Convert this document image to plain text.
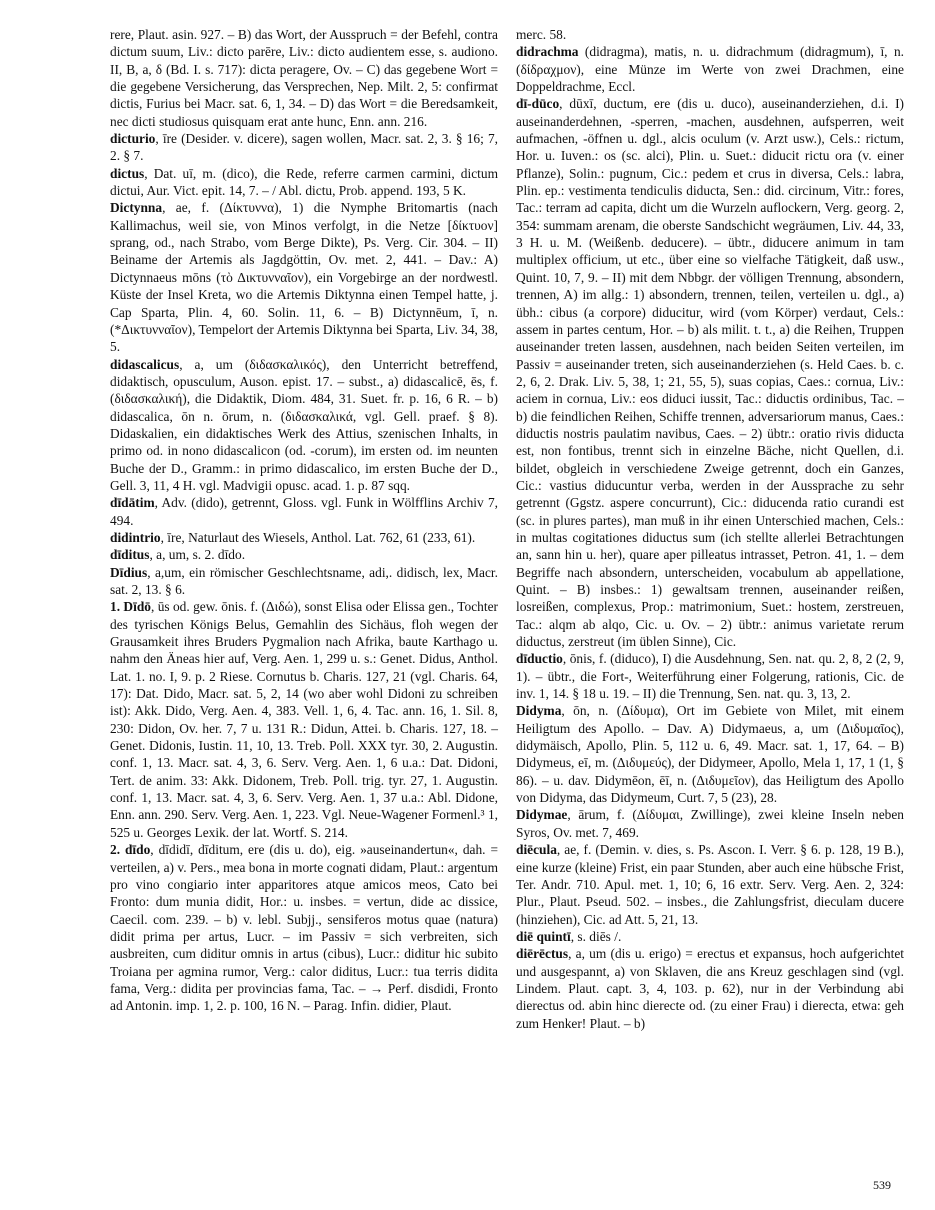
rere, Plaut. asin. 927. – B) das Wort, der Ausspruch = der Befehl, contra dictum suum, Liv.: dicto parēre, Liv.: dicto audientem esse, s. audiono. II, B, a, δ (Bd. I. s. 717): dicta peragere, Ov. – C) das gegebene Wort = die gegebene Versicherung, das Versprechen, Nep. Milt. 2, 5: confirmat dictis, Furius bei Macr. sat. 6, 1, 34. – D) das Wort = die Beredsamkeit, nec dicti studiosus quisquam erat ante hunc, Enn. ann. 216.

dicturio, īre (Desider. v. dicere), sagen wollen, Macr. sat. 2, 3. § 16; 7, 2. § 7.

dictus, Dat. uī, m. (dico), die Rede, referre carmen carmini, dictum dictui, Aur. Vict. epit. 14, 7. – / Abl. dictu, Prob. append. 193, 5 K.

Dictynna, ae, f. (Δίκτυννα), 1) die Nymphe Britomartis (nach Kallimachus, weil sie, von Minos verfolgt, in die Netze [δίκτυον] sprang, od., nach Strabo, vom Berge Dikte), Ps. Verg. Cir. 304. – II) Beiname der Artemis als Jagdgöttin, Ov. met. 2, 441. – Dav.: A) Dictynnaeus mōns (τὸ Δικτυνναῖον), ein Vorgebirge an der nordwestl. Küste der Insel Kreta, wo die Artemis Diktynna einen Tempel hatte, j. Cap Sparta, Plin. 4, 60. Solin. 11, 6. – B) Dictynnēum, ī, n. (*Δικτυνναῖον), Tempelort der Artemis Diktynna bei Sparta, Liv. 34, 38, 5.

didascalicus, a, um (διδασκαλικός), den Unterricht betreffend, didaktisch, opusculum, Auson. epist. 17. – subst., a) didascalicē, ēs, f. (διδασκαλική), die Didaktik, Diom. 484, 31. Suet. fr. p. 16, 6 R. – b) didascalica, ōn n. ōrum, n. (διδασκαλικά, vgl. Gell. praef. § 8). Didaskalien, ein didaktisches Werk des Attius, szenischen Inhalts, in primo od. in nono didascalicon (od. -corum), im ersten od. im neunten Buche der D., Gramm.: in primo didascalico, im ersten Buche der D., Gell. 3, 11, 4 H. vgl. Madvigii opusc. acad. 1. p. 87 sqq.

dīdātim, Adv. (dido), getrennt, Gloss. vgl. Funk in Wölfflins Archiv 7, 494.

didintrio, īre, Naturlaut des Wiesels, Anthol. Lat. 762, 61 (233, 61).

dīditus, a, um, s. 2. dīdo.

Dīdius, a,um, ein römischer Geschlechtsname, adi,. didisch, lex, Macr. sat. 2, 13. § 6.

1. Dīdō, ūs od. gew. ōnis. f. (Διδώ), sonst Elisa oder Elissa gen., Tochter des tyrischen Königs Belus, Gemahlin des Sichäus, floh wegen der Grausamkeit ihres Bruders Pygmalion nach Afrika, baute Karthago u. nahm den Äneas hier auf, Verg. Aen. 1, 299 u. s.: Genet. Didus, Anthol. Lat. 1. no. I, 9. p. 2 Riese. Cornutus b. Charis. 127, 21 (vgl. Charis. 64, 17): Dat. Dido, Macr. sat. 5, 2, 14 (wo aber wohl Didoni zu schreiben ist): Akk. Dido, Verg. Aen. 4, 383. Vell. 1, 6, 4. Tac. ann. 16, 1. Sil. 8, 230: Didon, Ov. her. 7, 7 u. 131 R.: Didun, Attei. b. Charis. 127, 18. – Genet. Didonis, Iustin. 11, 10, 13. Treb. Poll. XXX tyr. 30, 2. Augustin. conf. 1, 13. Macr. sat. 4, 3, 6. Serv. Verg. Aen. 1, 6 u.a.: Dat. Didoni, Tert. de anim. 33: Akk. Didonem, Treb. Poll. trig. tyr. 27, 1. Augustin. conf. 1, 13. Macr. sat. 4, 3, 6. Serv. Verg. Aen. 1, 37 u.a.: Abl. Didone, Enn. ann. 290. Serv. Verg. Aen. 1, 223. Vgl. Neue-Wagener Formenl.³ 1, 525 u. Georges Lexik. der lat. Wortf. S. 214.

2. dīdo, dīdidī, dīditum, ere (dis u. do), eig. »auseinandertun«, dah. = verteilen, a) v. Pers., mea bona in morte cognati didam, Plaut.: argentum pro vino congiario inter apparitores atque amicos meos, Cato bei Fronto: dum munia didit, Hor.: u. insbes. = vertun, dide ac dissice, Caecil. com. 239. – b) v. lebl. Subjj., sensiferos motus quae (natura) didit prima per artus, Lucr. – im Passiv = sich verbreiten, sich ausbreiten, cum diditur omnis in artus (cibus), Lucr.: diditur hic subito Troiana per agmina rumor, Verg.: calor diditus, Lucr.: tua terris didita fama, Verg.: didita per provincias fama, Tac. – → Perf. disdidi, Fronto ad Antonin. imp. 1, 2. p. 100, 16 N. – Parag. Infin. didier, Plaut.

merc. 58.

didrachma (didragma), matis, n. u. didrachmum (didragmum), ī, n. (δίδραχμον), eine Münze im Werte von zwei Drachmen, eine Doppeldrachme, Eccl.

dī-dūco, dūxī, ductum, ere (dis u. duco), auseinanderziehen, d.i. I) auseinanderdehnen, -sperren, -machen, ausdehnen, aufsperren, weit aufmachen, -öffnen u. dgl., alcis oculum (v. Arzt usw.), Cels.: rictum, Hor. u. Iuven.: os (sc. alci), Plin. u. Suet.: diducit rictu ora (v. einer Pflanze), Solin.: pugnum, Cic.: pedem et crus in diversa, Cels.: labra, Plin. ep.: vestimenta tendiculis diducta, Sen.: did. circinum, Vitr.: fores, Tac.: terram ad capita, dicht um die Wurzeln auflockern, Verg. georg. 2, 354: summam arenam, die oberste Sandschicht wegräumen, Liv. 44, 33, 3 H. u. M. (Weißenb. deducere). – übtr., diducere animum in tam multiplex officium, ut etc., über eine so vielfache Tätigkeit, daß usw., Quint. 10, 7, 9. – II) mit dem Nbbgr. der völligen Trennung, absondern, trennen, A) im allg.: 1) absondern, trennen, teilen, verteilen u. dgl., a) übh.: cibus (a corpore) diducitur, wird (vom Körper) verdaut, Cels.: assem in partes centum, Hor. – b) als milit. t. t., a) die Reihen, Truppen auseinander treten lassen, ausdehnen, nach beiden Seiten verteilen, im Passiv = auseinander treten, sich auseinanderziehen (s. Held Caes. b. c. 2, 6, 2. Drak. Liv. 5, 38, 1; 21, 55, 5), suas copias, Caes.: cornua, Liv.: aciem in cornua, Liv.: eos diduci iussit, Tac.: diductis ordinibus, Tac. – b) die feindlichen Reihen, Schiffe trennen, adversariorum manus, Caes.: diductis nostris paulatim navibus, Caes. – 2) übtr.: oratio rivis diducta est, non fontibus, trennt sich in einzelne Bäche, nicht Quellen, d.i. bildet, obgleich in verschiedene Zweige getrennt, doch ein Ganzes, Cic.: vastius diducuntur verba, werden in der Aussprache zu sehr getrennt (Ggstz. aspere concurrunt), Cic.: diducenda ratio curandi est (sc. in plures partes), man muß in ihr einen Unterschied machen, Cels.: in multas cogitationes diductus sum (ich stellte allerlei Betrachtungen an, sann hin u. her), quare aper pilleatus intrasset, Petron. 41, 1. – dem Begriffe nach absondern, unterscheiden, vocabulum ab appellatione, Quint. – B) insbes.: 1) gewaltsam trennen, auseinander reißen, losreißen, complexus, Prop.: matrimonium, Suet.: hostem, zerstreuen, Tac.: alqm ab alqo, Cic. u. Ov. – 2) übtr.: animus varietate rerum diductus, zerstreut (im üblen Sinne), Cic.

dīductio, ōnis, f. (diduco), I) die Ausdehnung, Sen. nat. qu. 2, 8, 2 (2, 9, 1). – übtr., die Fort-, Weiterführung einer Folgerung, rationis, Cic. de inv. 1, 14. § 18 u. 19. – II) die Trennung, Sen. nat. qu. 3, 13, 2.

Didyma, ōn, n. (Δίδυμα), Ort im Gebiete von Milet, mit einem Heiligtum des Apollo. – Dav. A) Didymaeus, a, um (Διδυμαῖος), didymäisch, Apollo, Plin. 5, 112 u. 6, 49. Macr. sat. 1, 17, 64. – B) Didymeus, eī, m. (Διδυμεύς), der Didymeer, Apollo, Mela 1, 17, 1 (1, § 86). – u. dav. Didymēon, ēī, n. (Διδυμεῖον), das Heiligtum des Apollo von Didyma, das Didymeum, Curt. 7, 5 (23), 28.

Didymae, ārum, f. (Δίδυμαι, Zwillinge), zwei kleine Inseln neben Syros, Ov. met. 7, 469.

diēcula, ae, f. (Demin. v. dies, s. Ps. Ascon. I. Verr. § 6. p. 128, 19 B.), eine kurze (kleine) Frist, ein paar Stunden, aber auch eine hübsche Frist, Ter. Andr. 710. Apul. met. 1, 10; 6, 16 extr. Serv. Verg. Aen. 2, 324: Plur., Plaut. Pseud. 502. – insbes., die Zahlungsfrist, dieculam ducere (hinziehen), Cic. ad Att. 5, 21, 13.

diē quintī, s. diēs /.

diērēctus, a, um (dis u. erigo) = erectus et expansus, hoch aufgerichtet und ausgespannt, a) von Sklaven, die ans Kreuz geschlagen sind (vgl. Lindem. Plaut. capt. 3, 4, 103. p. 62), nur in der Verbindung abi dierectus od. abin hinc dierecte od. (zu einer Frau) i dierecta, etwa: geh zum Henker! Plaut. – b)

539
